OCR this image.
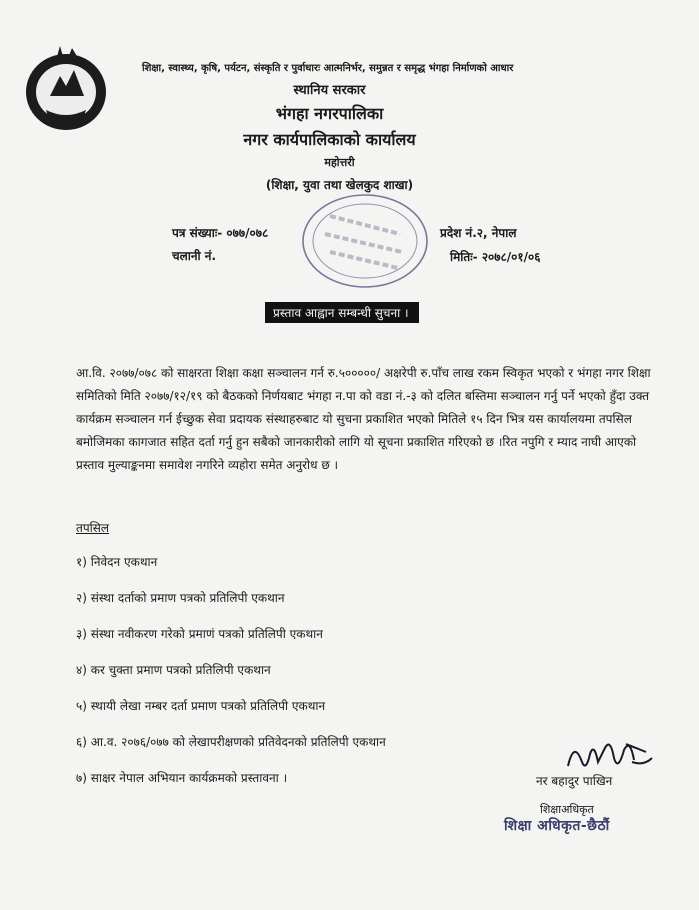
शिक्षा, स्वास्थ्य, कृषि, पर्यटन, संस्कृति र पुर्वाधारः आत्मनिर्भर, समुन्नत र समृद्ध भंगहा निर्माणको आधार
स्थानिय सरकार
भंगहा नगरपालिका
नगर कार्यपालिकाको कार्यालय
महोत्तरी
(शिक्षा, युवा तथा खेलकुद शाखा)
पत्र संख्याः- ०७७/०७८
चलानी नं.
प्रदेश नं.२, नेपाल
मितिः- २०७८/०१/०६
प्रस्ताव आह्वान सम्बन्धी सुचना ।
आ.वि. २०७७/०७८ को साक्षरता शिक्षा कक्षा सञ्चालन गर्न रु.५०००००/ अक्षरेपी रु.पाँच लाख रकम स्विकृत भएको र भंगहा नगर शिक्षा समितिको मिति २०७७/१२/१९ को बैठकको निर्णयबाट भंगहा न.पा को वडा नं.-३ को दलित बस्तिमा सञ्चालन गर्नु पर्ने भएको हुँदा उक्त कार्यक्रम सञ्चालन गर्न ईच्छुक सेवा प्रदायक संस्थाहरुबाट यो सुचना प्रकाशित भएको मितिले १५ दिन भित्र यस कार्यालयमा तपसिल बमोजिमका कागजात सहित दर्ता गर्नु हुन सबैको जानकारीको लागि यो सूचना प्रकाशित गरिएको छ ।रित नपुगि र म्याद नाघी आएको प्रस्ताव मुल्याङ्कनमा समावेश नगरिने व्यहोरा समेत अनुरोध छ ।
तपसिल
१) निवेदन एकथान
२) संस्था दर्ताको प्रमाण पत्रको प्रतिलिपी एकथान
३) संस्था नवीकरण गरेको प्रमाणं पत्रको प्रतिलिपी एकथान
४) कर चुक्ता प्रमाण पत्रको प्रतिलिपी एकथान
५) स्थायी लेखा नम्बर दर्ता प्रमाण पत्रको प्रतिलिपी एकथान
६) आ.व. २०७६/०७७ को लेखापरीक्षणको प्रतिवेदनको प्रतिलिपी एकथान
७) साक्षर नेपाल अभियान कार्यक्रमको प्रस्तावना ।	नर बहादुर पाखिन
शिक्षाअधिकृत
शिक्षा अधिकृत-छैठौं
